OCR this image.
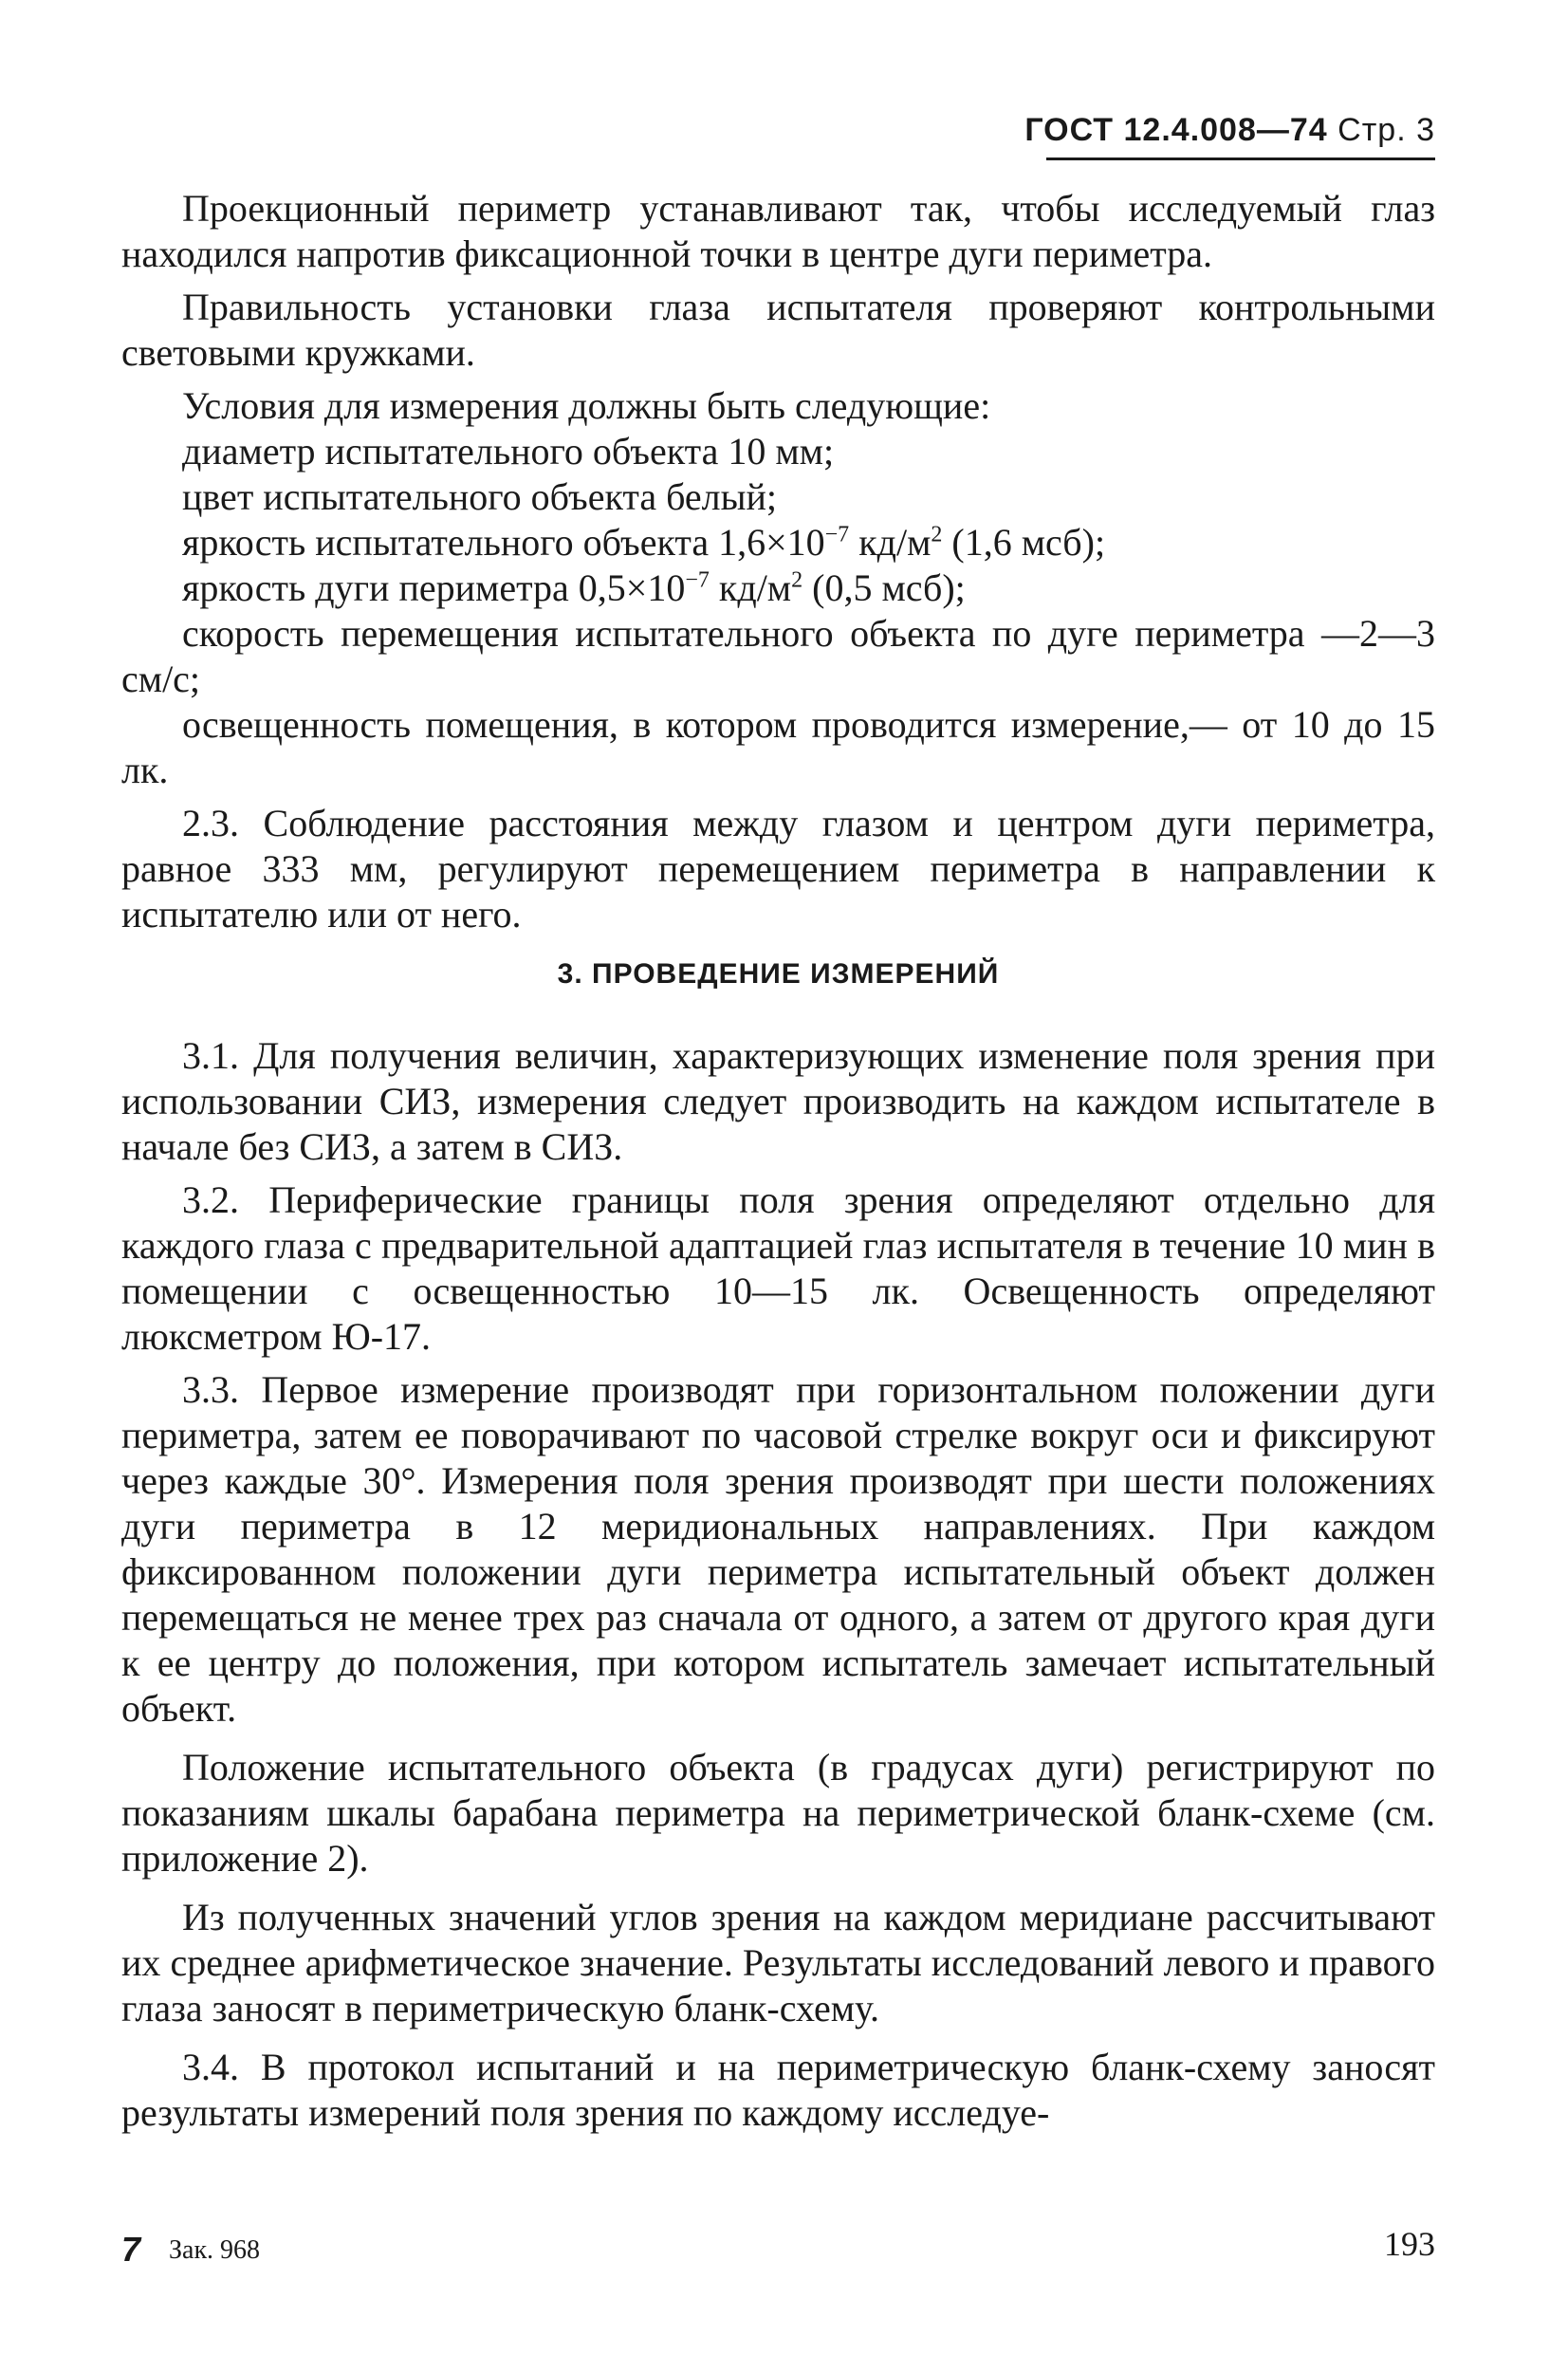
ГОСТ 12.4.008—74 Стр. 3

Проекционный периметр устанавливают так, чтобы исследуемый глаз находился напротив фиксационной точки в центре дуги периметра.

Правильность установки глаза испытателя проверяют контрольными световыми кружками.

Условия для измерения должны быть следующие:

диаметр испытательного объекта 10 мм;

цвет испытательного объекта белый;

яркость испытательного объекта $1,6\times 10^{-7}$ $кд/м^2$ (1,6 мсб);

яркость дуги периметра $0,5\times 10^{-7}$ $кд/м^2$ (0,5 мсб);

скорость перемещения испытательного объекта по дуге периметра —2—3 см/с;

освещенность помещения, в котором проводится измерение,— от 10 до 15 лк.

2.3. Соблюдение расстояния между глазом и центром дуги периметра, равное 333 мм, регулируют перемещением периметра в направлении к испытателю или от него.

3. ПРОВЕДЕНИЕ ИЗМЕРЕНИЙ

3.1. Для получения величин, характеризующих изменение поля зрения при использовании СИЗ, измерения следует производить на каждом испытателе в начале без СИЗ, а затем в СИЗ.

3.2. Периферические границы поля зрения определяют отдельно для каждого глаза с предварительной адаптацией глаз испытателя в течение 10 мин в помещении с освещенностью 10—15 лк. Освещенность определяют люксметром Ю-17.

3.3. Первое измерение производят при горизонтальном положении дуги периметра, затем ее поворачивают по часовой стрелке вокруг оси и фиксируют через каждые 30°. Измерения поля зрения производят при шести положениях дуги периметра в 12 меридиональных направлениях. При каждом фиксированном положении дуги периметра испытательный объект должен перемещаться не менее трех раз сначала от одного, а затем от другого края дуги к ее центру до положения, при котором испытатель замечает испытательный объект.

Положение испытательного объекта (в градусах дуги) регистрируют по показаниям шкалы барабана периметра на периметрической бланк-схеме (см. приложение 2).

Из полученных значений углов зрения на каждом меридиане рассчитывают их среднее арифметическое значение. Результаты исследований левого и правого глаза заносят в периметрическую бланк-схему.

3.4. В протокол испытаний и на периметрическую бланк-схему заносят результаты измерений поля зрения по каждому исследуе-

7 Зак. 968	193
